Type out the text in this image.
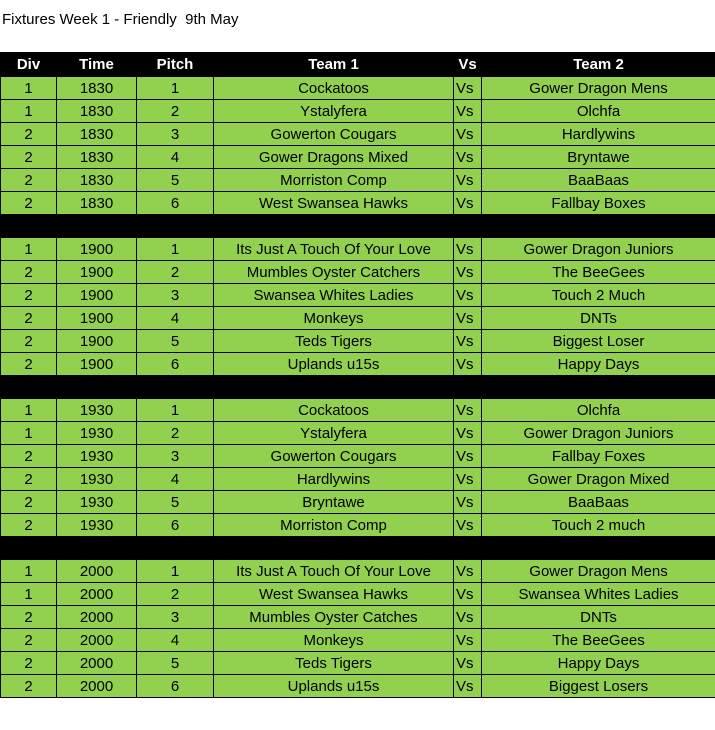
Fixtures Week 1 - Friendly  9th May
Div	Time	Pitch	Team 1	Vs	Team 2
1	1830	1	Cockatoos	Vs	Gower Dragon Mens
1	1830	2	Ystalyfera	Vs	Olchfa
2	1830	3	Gowerton Cougars	Vs	Hardlywins
2	1830	4	Gower Dragons Mixed	Vs	Bryntawe
2	1830	5	Morriston Comp	Vs	BaaBaas
2	1830	6	West Swansea Hawks	Vs	Fallbay Boxes

1	1900	1	Its Just A Touch Of Your Love	Vs	Gower Dragon Juniors
2	1900	2	Mumbles Oyster Catchers	Vs	The BeeGees
2	1900	3	Swansea Whites Ladies	Vs	Touch 2 Much
2	1900	4	Monkeys	Vs	DNTs
2	1900	5	Teds Tigers	Vs	Biggest Loser
2	1900	6	Uplands u15s	Vs	Happy Days

1	1930	1	Cockatoos	Vs	Olchfa
1	1930	2	Ystalyfera	Vs	Gower Dragon Juniors
2	1930	3	Gowerton Cougars	Vs	Fallbay Foxes
2	1930	4	Hardlywins	Vs	Gower Dragon Mixed
2	1930	5	Bryntawe	Vs	BaaBaas
2	1930	6	Morriston Comp	Vs	Touch 2 much

1	2000	1	Its Just A Touch Of Your Love	Vs	Gower Dragon Mens
1	2000	2	West Swansea Hawks	Vs	Swansea Whites Ladies
2	2000	3	Mumbles Oyster Catches	Vs	DNTs
2	2000	4	Monkeys	Vs	The BeeGees
2	2000	5	Teds Tigers	Vs	Happy Days
2	2000	6	Uplands u15s	Vs	Biggest Losers
